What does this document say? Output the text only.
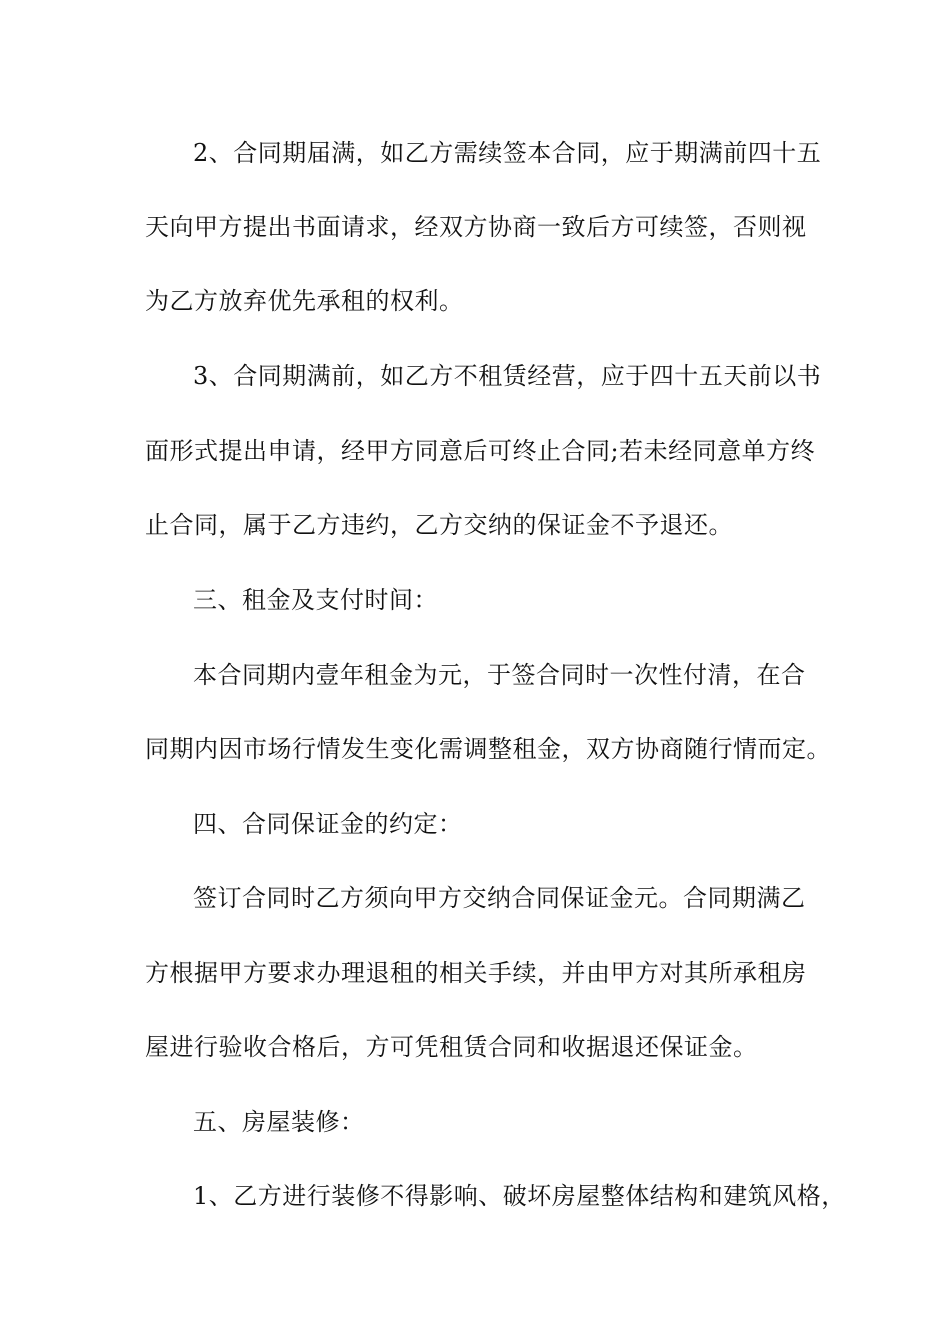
2、合同期届满，如乙方需续签本合同，应于期满前四十五
天向甲方提出书面请求，经双方协商一致后方可续签，否则视
为乙方放弃优先承租的权利。
3、合同期满前，如乙方不租赁经营，应于四十五天前以书
面形式提出申请，经甲方同意后可终止合同;若未经同意单方终
止合同，属于乙方违约，乙方交纳的保证金不予退还。
三、租金及支付时间：
本合同期内壹年租金为元，于签合同时一次性付清，在合
同期内因市场行情发生变化需调整租金，双方协商随行情而定。
四、合同保证金的约定：
签订合同时乙方须向甲方交纳合同保证金元。合同期满乙
方根据甲方要求办理退租的相关手续，并由甲方对其所承租房
屋进行验收合格后，方可凭租赁合同和收据退还保证金。
五、房屋装修：
1、乙方进行装修不得影响、破坏房屋整体结构和建筑风格，
